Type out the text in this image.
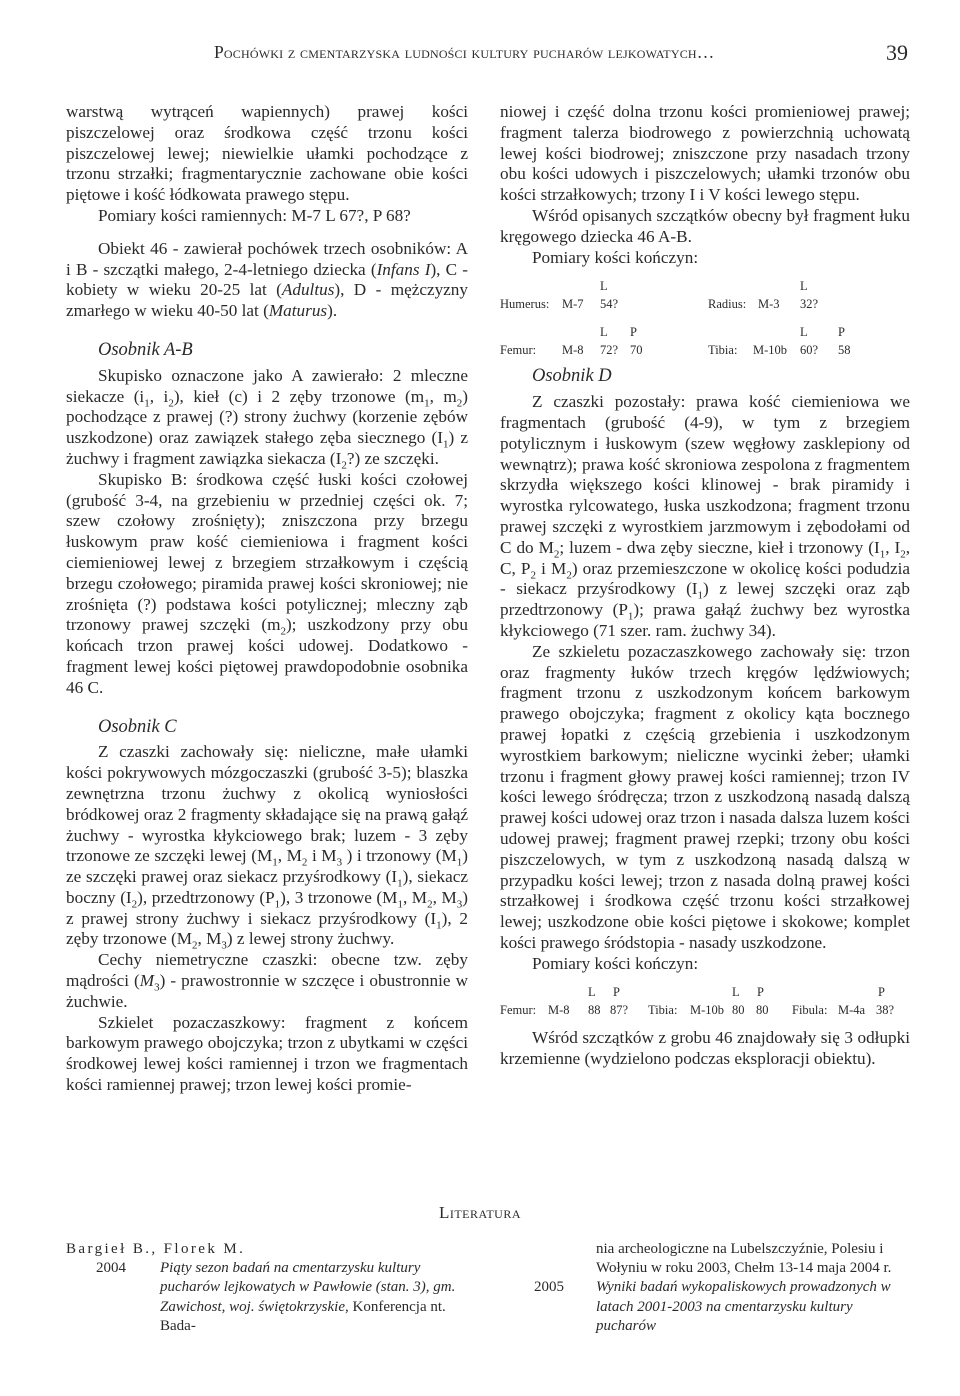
Pochówki z cmentarzyska ludności kultury pucharów lejkowatych…	39

warstwą wytrąceń wapiennych) prawej kości piszczelowej oraz środkowa część trzonu kości piszczelowej lewej; niewielkie ułamki pochodzące z trzonu strzałki; fragmentarycznie zachowane obie kości piętowe i kość łódkowata prawego stępu.

Pomiary kości ramiennych: M-7 L 67?, P 68?

Obiekt 46 - zawierał pochówek trzech osobników: A i B - szczątki małego, 2-4-letniego dziecka (Infans I), C - kobiety w wieku 20-25 lat (Adultus), D - mężczyzny zmarłego w wieku 40-50 lat (Maturus).

Osobnik A-B

Skupisko oznaczone jako A zawierało: 2 mleczne siekacze ($i_1$, $i_2$), kieł (c) i 2 zęby trzonowe ($m_1$, $m_2$) pochodzące z prawej (?) strony żuchwy (korzenie zębów uszkodzone) oraz zawiązek stałego zęba siecznego $(I_1)$ z żuchwy i fragment zawiązka siekacza $(I_2?)$ ze szczęki.

Skupisko B: środkowa część łuski kości czołowej (grubość 3-4, na grzebieniu w przedniej części ok. 7; szew czołowy zrośnięty); zniszczona przy brzegu łuskowym praw kość ciemieniowa i fragment kości ciemieniowej lewej z brzegiem strzałkowym i częścią brzegu czołowego; piramida prawej kości skroniowej; nie zrośnięta (?) podstawa kości potylicznej; mleczny ząb trzonowy prawej szczęki $(m_2)$; uszkodzony przy obu końcach trzon prawej kości udowej. Dodatkowo - fragment lewej kości piętowej prawdopodobnie osobnika 46 C.

Osobnik C

Z czaszki zachowały się: nieliczne, małe ułamki kości pokrywowych mózgoczaszki (grubość 3-5); blaszka zewnętrzna trzonu żuchwy z okolicą wyniosłości bródkowej oraz 2 fragmenty składające się na prawą gałąź żuchwy - wyrostka kłykciowego brak; luzem - 3 zęby trzonowe ze szczęki lewej ($M_1$, $M_2$ i $M_3$ ) i trzonowy $(M_1)$ ze szczęki prawej oraz siekacz przyśrodkowy $(I_1)$, siekacz boczny $(I_2)$, przedtrzonowy $(P_1)$, 3 trzonowe ($M_1$, $M_2$, $M_3$) z prawej strony żuchwy i siekacz przyśrodkowy $(I_1)$, 2 zęby trzonowe ($M_2$, $M_3$) z lewej strony żuchwy.

Cechy niemetryczne czaszki: obecne tzw. zęby mądrości $(M_3)$ - prawostronnie w szczęce i obustronnie w żuchwie.

Szkielet pozaczaszkowy: fragment z końcem barkowym prawego obojczyka; trzon z ubytkami w części środkowej lewej kości ramiennej i trzon we fragmentach kości ramiennej prawej; trzon lewej kości promie-

niowej i część dolna trzonu kości promieniowej prawej; fragment talerza biodrowego z powierzchnią uchowatą lewej kości biodrowej; zniszczone przy nasadach trzony obu kości udowych i piszczelowych; ułamki trzonów obu kości strzałkowych; trzony I i V kości lewego stępu.

Wśród opisanych szczątków obecny był fragment łuku kręgowego dziecka 46 A-B.

Pomiary kości kończyn:

L	L
Humerus: M-7 54?	Radius: M-3 32?
L P	L P
Femur: M-8 72? 70	Tibia: M-10b 60? 58

Osobnik D

Z czaszki pozostały: prawa kość ciemieniowa we fragmentach (grubość (4-9), w tym z brzegiem potylicznym i łuskowym (szew węgłowy zasklepiony od wewnątrz); prawa kość skroniowa zespolona z fragmentem skrzydła większego kości klinowej - brak piramidy i wyrostka rylcowatego, łuska uszkodzona; fragment trzonu prawej szczęki z wyrostkiem jarzmowym i zębodołami od C do $M_2$; luzem - dwa zęby sieczne, kieł i trzonowy ($I_1$, $I_2$, C, $P_2$ i $M_2$) oraz przemieszczone w okolicę kości podudzia - siekacz przyśrodkowy $(I_1)$ z lewej szczęki oraz ząb przedtrzonowy $(P_1)$; prawa gałąź żuchwy bez wyrostka kłykciowego (71 szer. ram. żuchwy 34).

Ze szkieletu pozaczaszkowego zachowały się: trzon oraz fragmenty łuków trzech kręgów lędźwiowych; fragment trzonu z uszkodzonym końcem barkowym prawego obojczyka; fragment z okolicy kąta bocznego prawej łopatki z częścią grzebienia i uszkodzonym wyrostkiem barkowym; nieliczne wycinki żeber; ułamki trzonu i fragment głowy prawej kości ramiennej; trzon IV kości lewego śródręcza; trzon z uszkodzoną nasadą dalszą prawej kości udowej oraz trzon i nasada dalsza luzem kości udowej prawej; fragment prawej rzepki; trzony obu kości piszczelowych, w tym z uszkodzoną nasadą dalszą w przypadku kości lewej; trzon z nasada dolną prawej kości strzałkowej i środkowa część trzonu kości strzałkowej lewej; uszkodzone obie kości piętowe i skokowe; komplet kości prawego śródstopia - nasady uszkodzone.

Pomiary kości kończyn:

L P	L P	P
Femur: M-8 88 87? Tibia: M-10b 80 80 Fibula: M-4a 38?

Wśród szczątków z grobu 46 znajdowały się 3 odłupki krzemienne (wydzielono podczas eksploracji obiektu).

Literatura

Bargieł B., Florek M.

2004 Piąty sezon badań na cmentarzysku kultury pucharów lejkowatych w Pawłowie (stan. 3), gm. Zawichost, woj. świętokrzyskie, Konferencja nt. Bada-

nia archeologiczne na Lubelszczyźnie, Polesiu i Wołyniu w roku 2003, Chełm 13-14 maja 2004 r.

2005 Wyniki badań wykopaliskowych prowadzonych w latach 2001-2003 na cmentarzysku kultury pucharów
